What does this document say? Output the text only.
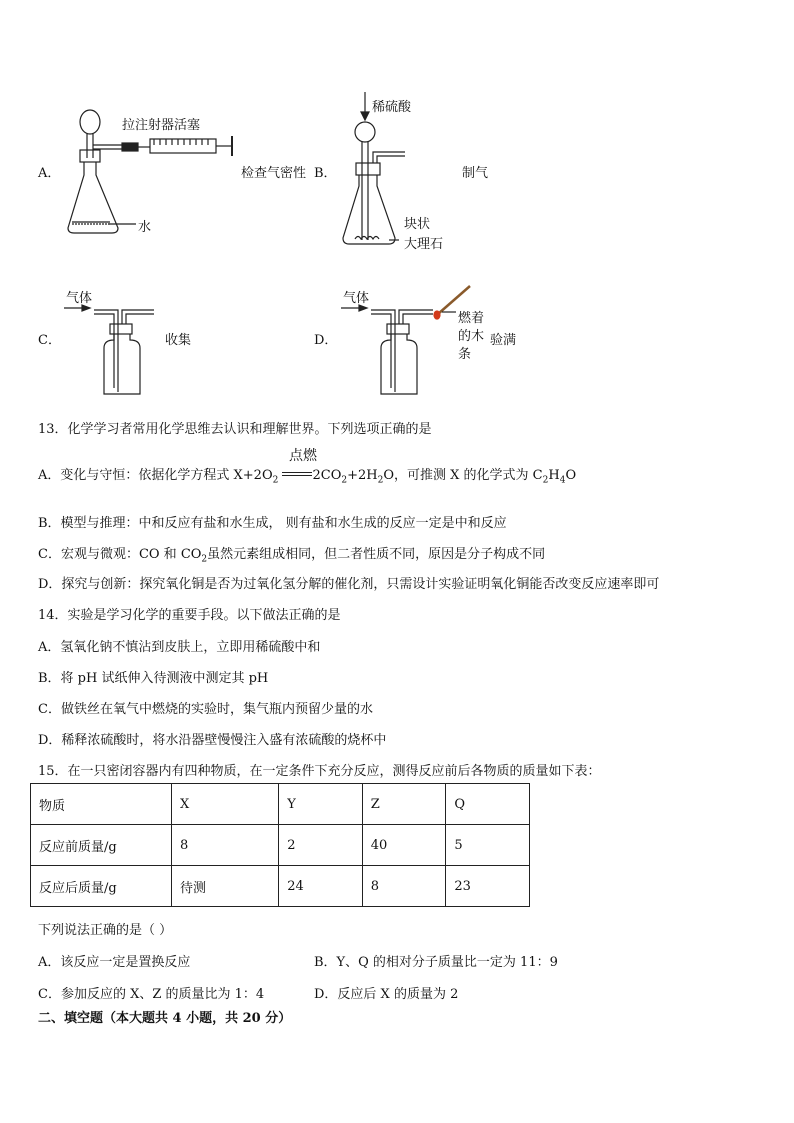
A．
拉注射器活塞
水
检查气密性 B．
稀硫酸
块状
大理石
制气
C．
气体
收集	D．
气体
燃着
的木
条
验满
13．化学学习者常用化学思维去认识和理解世界。下列选项正确的是
A．变化与守恒：依据化学方程式 $X+2O_2$	$2CO_2+2H_2O$，可推测 X 的化学式为 $C_2H_4O$
点燃
B．模型与推理：中和反应有盐和水生成， 则有盐和水生成的反应一定是中和反应
C．宏观与微观：CO 和 $CO_2$虽然元素组成相同，但二者性质不同，原因是分子构成不同
D．探究与创新：探究氧化铜是否为过氧化氢分解的催化剂，只需设计实验证明氧化铜能否改变反应速率即可
14．实验是学习化学的重要手段。以下做法正确的是
A．氢氧化钠不慎沾到皮肤上，立即用稀硫酸中和
B．将 pH 试纸伸入待测液中测定其 pH
C．做铁丝在氧气中燃烧的实验时，集气瓶内预留少量的水
D．稀释浓硫酸时，将水沿器壁慢慢注入盛有浓硫酸的烧杯中
15．在一只密闭容器内有四种物质，在一定条件下充分反应，测得反应前后各物质的质量如下表：
物质	X	Y	Z	Q
反应前质量/g	8	2	40	5
反应后质量/g	待测	24	8	23
下列说法正确的是（ ）
A．该反应一定是置换反应	B．Y、Q 的相对分子质量比一定为 11：9
C．参加反应的 X、Z 的质量比为 1：4	D．反应后 X 的质量为 2
二、填空题（本大题共 4 小题，共 20 分）
